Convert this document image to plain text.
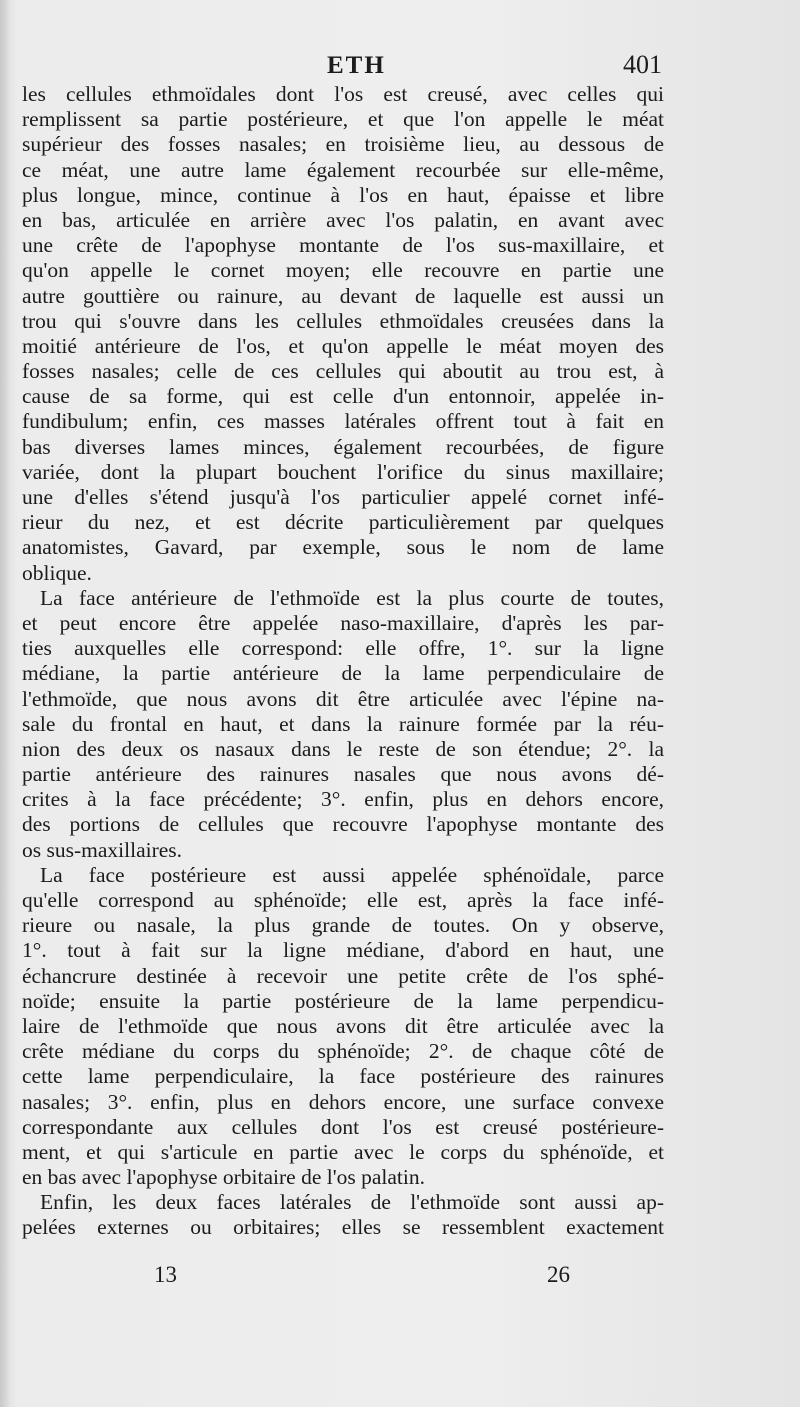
ETH	401
les cellules ethmoïdales dont l'os est creusé, avec celles qui
remplissent sa partie postérieure, et que l'on appelle le méat
supérieur des fosses nasales; en troisième lieu, au dessous de
ce méat, une autre lame également recourbée sur elle-même,
plus longue, mince, continue à l'os en haut, épaisse et libre
en bas, articulée en arrière avec l'os palatin, en avant avec
une crête de l'apophyse montante de l'os sus-maxillaire, et
qu'on appelle le cornet moyen; elle recouvre en partie une
autre gouttière ou rainure, au devant de laquelle est aussi un
trou qui s'ouvre dans les cellules ethmoïdales creusées dans la
moitié antérieure de l'os, et qu'on appelle le méat moyen des
fosses nasales; celle de ces cellules qui aboutit au trou est, à
cause de sa forme, qui est celle d'un entonnoir, appelée in-
fundibulum; enfin, ces masses latérales offrent tout à fait en
bas diverses lames minces, également recourbées, de figure
variée, dont la plupart bouchent l'orifice du sinus maxillaire;
une d'elles s'étend jusqu'à l'os particulier appelé cornet infé-
rieur du nez, et est décrite particulièrement par quelques
anatomistes, Gavard, par exemple, sous le nom de lame
oblique.
La face antérieure de l'ethmoïde est la plus courte de toutes,
et peut encore être appelée naso-maxillaire, d'après les par-
ties auxquelles elle correspond: elle offre, 1°. sur la ligne
médiane, la partie antérieure de la lame perpendiculaire de
l'ethmoïde, que nous avons dit être articulée avec l'épine na-
sale du frontal en haut, et dans la rainure formée par la réu-
nion des deux os nasaux dans le reste de son étendue; 2°. la
partie antérieure des rainures nasales que nous avons dé-
crites à la face précédente; 3°. enfin, plus en dehors encore,
des portions de cellules que recouvre l'apophyse montante des
os sus-maxillaires.
La face postérieure est aussi appelée sphénoïdale, parce
qu'elle correspond au sphénoïde; elle est, après la face infé-
rieure ou nasale, la plus grande de toutes. On y observe,
1°. tout à fait sur la ligne médiane, d'abord en haut, une
échancrure destinée à recevoir une petite crête de l'os sphé-
noïde; ensuite la partie postérieure de la lame perpendicu-
laire de l'ethmoïde que nous avons dit être articulée avec la
crête médiane du corps du sphénoïde; 2°. de chaque côté de
cette lame perpendiculaire, la face postérieure des rainures
nasales; 3°. enfin, plus en dehors encore, une surface convexe
correspondante aux cellules dont l'os est creusé postérieure-
ment, et qui s'articule en partie avec le corps du sphénoïde, et
en bas avec l'apophyse orbitaire de l'os palatin.
Enfin, les deux faces latérales de l'ethmoïde sont aussi ap-
pelées externes ou orbitaires; elles se ressemblent exactement
13	26
